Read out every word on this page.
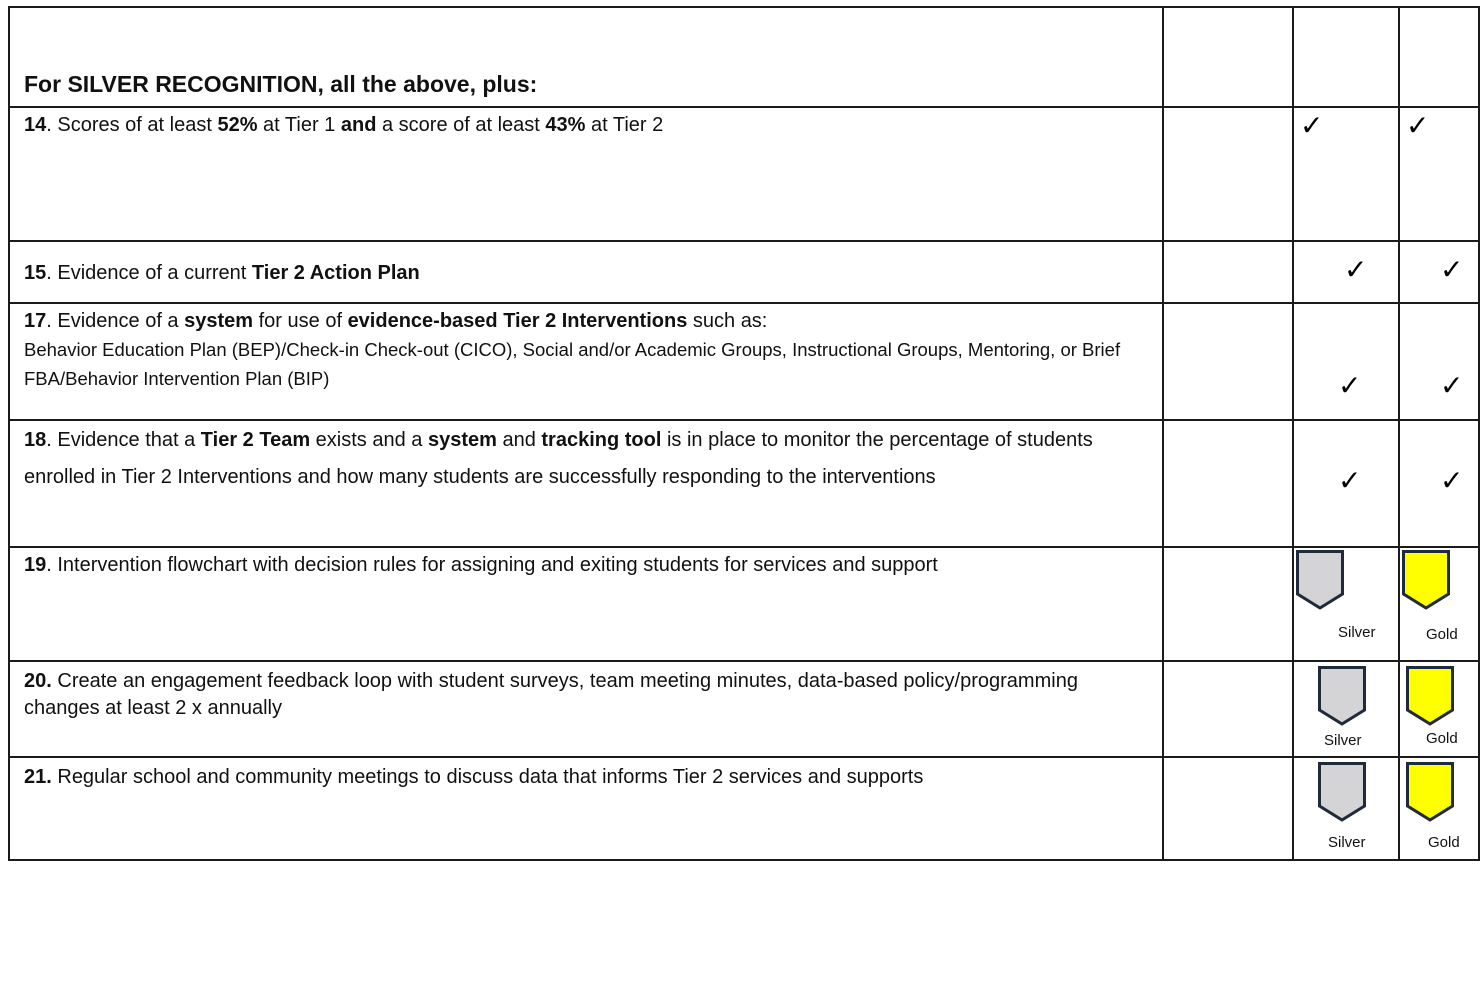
For SILVER RECOGNITION, all the above, plus:			
14. Scores of at least 52% at Tier 1 and a score of at least 43% at Tier 2		✓	✓

15. Evidence of a current Tier 2 Action Plan		✓	✓

17. Evidence of a system for use of evidence-based Tier 2 Interventions such as:
Behavior Education Plan (BEP)/Check-in Check-out (CICO), Social and/or Academic Groups, Instructional Groups, Mentoring, or Brief FBA/Behavior Intervention Plan (BIP)		✓	✓

18. Evidence that a Tier 2 Team exists and a system and tracking tool is in place to monitor the percentage of students enrolled in Tier 2 Interventions and how many students are successfully responding to the interventions		✓	✓

19. Intervention flowchart with decision rules for assigning and exiting students for services and support		Silver	Gold

20. Create an engagement feedback loop with student surveys, team meeting minutes, data-based policy/programming changes at least 2 x annually		Silver	Gold

21. Regular school and community meetings to discuss data that informs Tier 2 services and supports		Silver	Gold
